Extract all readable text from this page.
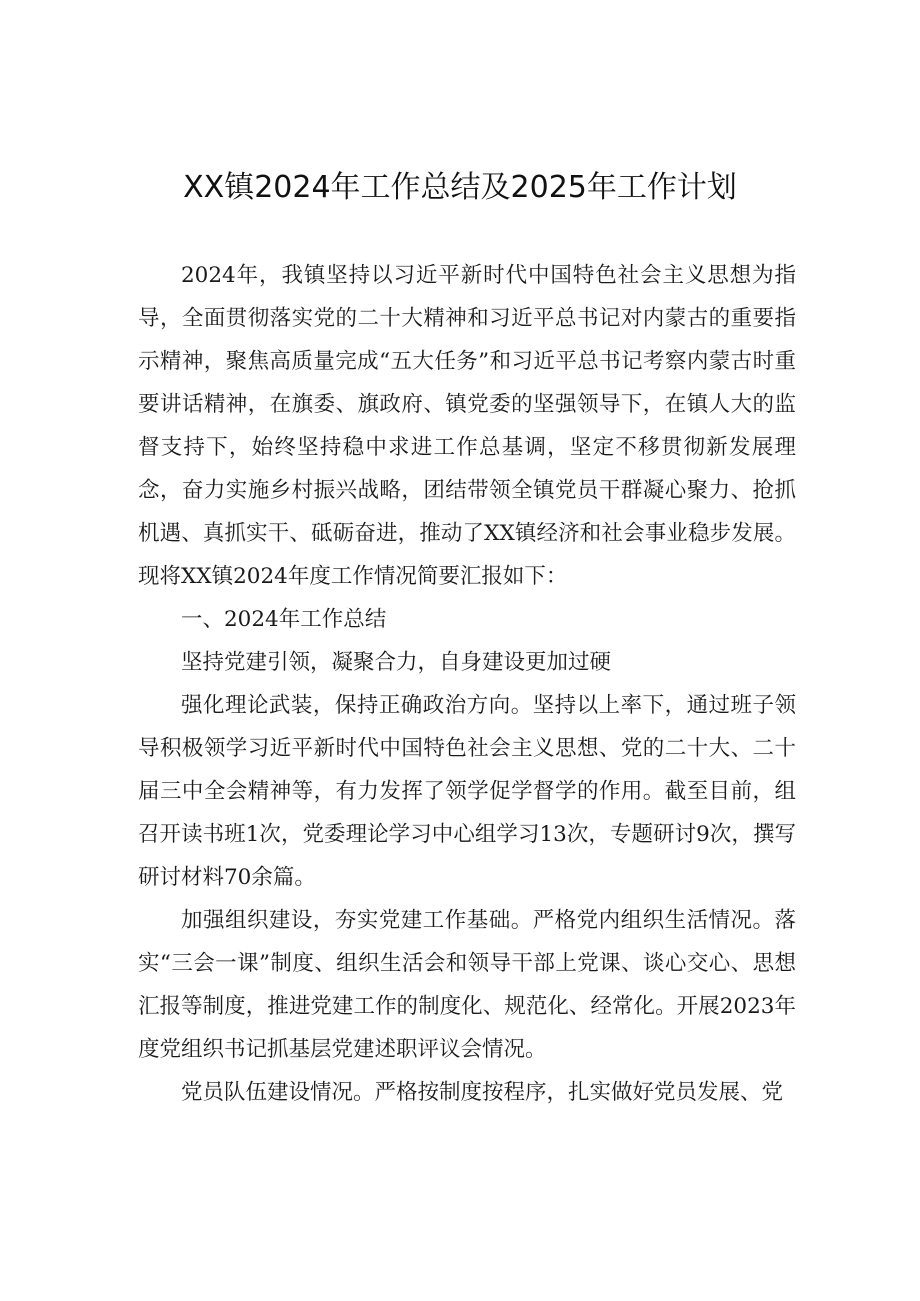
XX镇2024年工作总结及2025年工作计划

2024年，我镇坚持以习近平新时代中国特色社会主义思想为指导，全面贯彻落实党的二十大精神和习近平总书记对内蒙古的重要指示精神，聚焦高质量完成“五大任务”和习近平总书记考察内蒙古时重要讲话精神，在旗委、旗政府、镇党委的坚强领导下，在镇人大的监督支持下，始终坚持稳中求进工作总基调，坚定不移贯彻新发展理念，奋力实施乡村振兴战略，团结带领全镇党员干群凝心聚力、抢抓机遇、真抓实干、砥砺奋进，推动了XX镇经济和社会事业稳步发展。现将XX镇2024年度工作情况简要汇报如下：

一、2024年工作总结

坚持党建引领，凝聚合力，自身建设更加过硬

强化理论武装，保持正确政治方向。坚持以上率下，通过班子领导积极领学习近平新时代中国特色社会主义思想、党的二十大、二十届三中全会精神等，有力发挥了领学促学督学的作用。截至目前，组召开读书班1次，党委理论学习中心组学习13次，专题研讨9次，撰写研讨材料70余篇。

加强组织建设，夯实党建工作基础。严格党内组织生活情况。落实“三会一课”制度、组织生活会和领导干部上党课、谈心交心、思想汇报等制度，推进党建工作的制度化、规范化、经常化。开展2023年度党组织书记抓基层党建述职评议会情况。

党员队伍建设情况。严格按制度按程序，扎实做好党员发展、党
